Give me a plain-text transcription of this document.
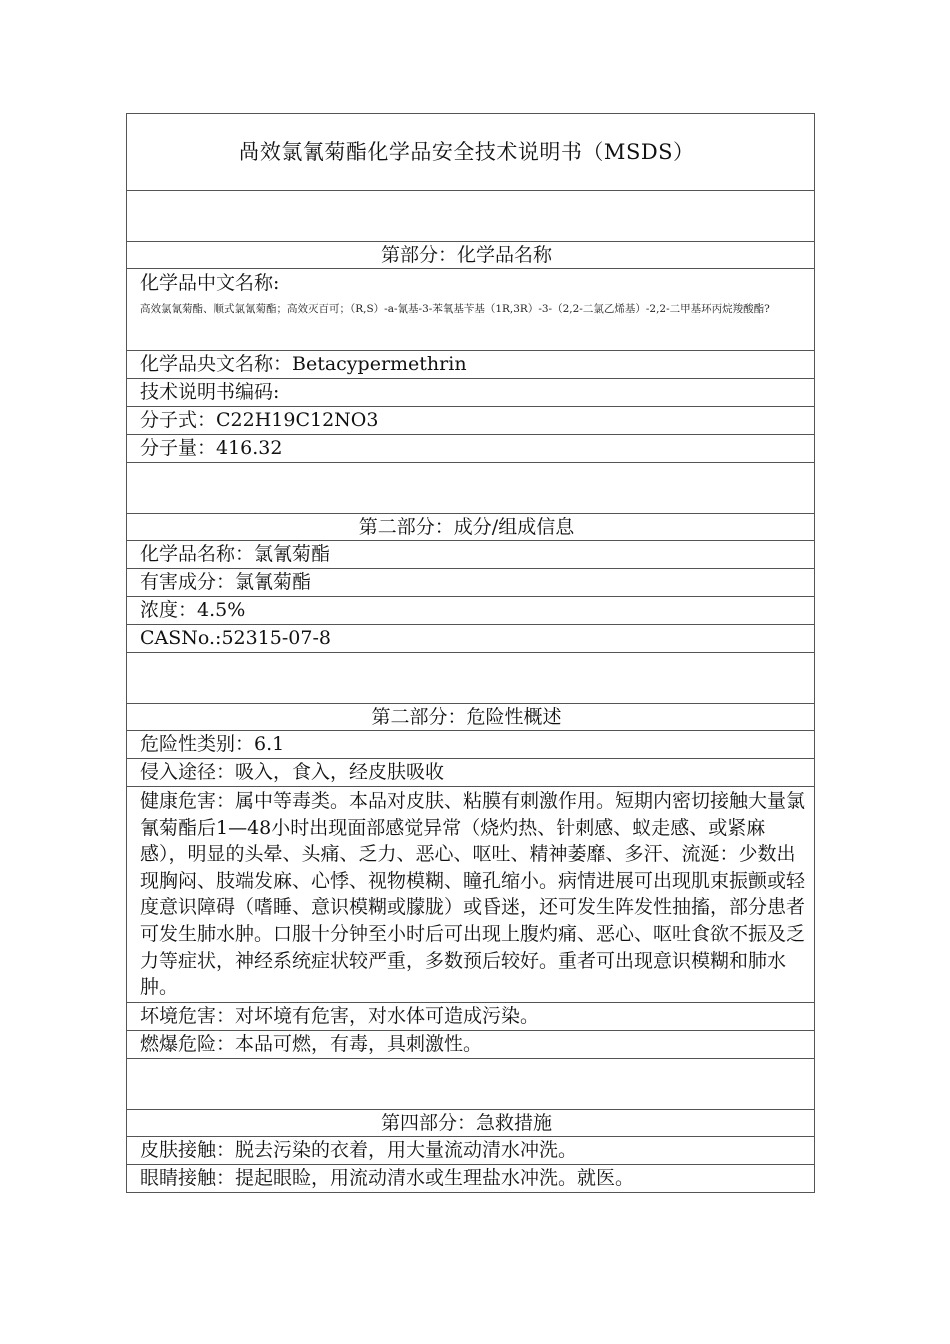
咼效氯氰菊酯化学品安全技术说明书（MSDS）
第部分：化学品名称
化学品中文名称:
高效氯氰菊酯、顺式氯氰菊酯；高效灭百可；（R,S）-a-氰基-3-苯氧基苄基（1R,3R）-3-（2,2-二氯乙烯基）-2,2-二甲基环丙烷羧酸酯?
化学品央文名称：Betacypermethrin
技术说明书编码:
分子式：C22H19C12NO3
分子量：416.32
第二部分：成分/组成信息
化学品名称：氯氰菊酯
有害成分：氯氰菊酯
浓度：4.5%
CASNo.:52315-07-8
第二部分：危险性概述
危险性类别：6.1
侵入途径：吸入，食入，经皮肤吸收
健康危害：属中等毒类。本品对皮肤、粘膜有刺激作用。短期内密切接触大量氯氰菊酯后1—48小时出现面部感觉异常（烧灼热、针刺感、蚁走感、或紧麻感），明显的头晕、头痛、乏力、恶心、呕吐、精神萎靡、多汗、流涎：少数出现胸闷、肢端发麻、心悸、视物模糊、瞳孔缩小。病情进展可出现肌束振颤或轻度意识障碍（嗜睡、意识模糊或朦胧）或昏迷，还可发生阵发性抽搐，部分患者可发生肺水肿。口服十分钟至小时后可出现上腹灼痛、恶心、呕吐食欲不振及乏力等症状，神经系统症状较严重，多数预后较好。重者可出现意识模糊和肺水肿。
坏境危害：对坏境有危害，对水体可造成污染。
燃爆危险：本品可燃，有毒，具刺激性。
第四部分：急救措施
皮肤接触：脱去污染的衣着，用大量流动清水冲洗。
眼睛接触：提起眼睑，用流动清水或生理盐水冲洗。就医。
